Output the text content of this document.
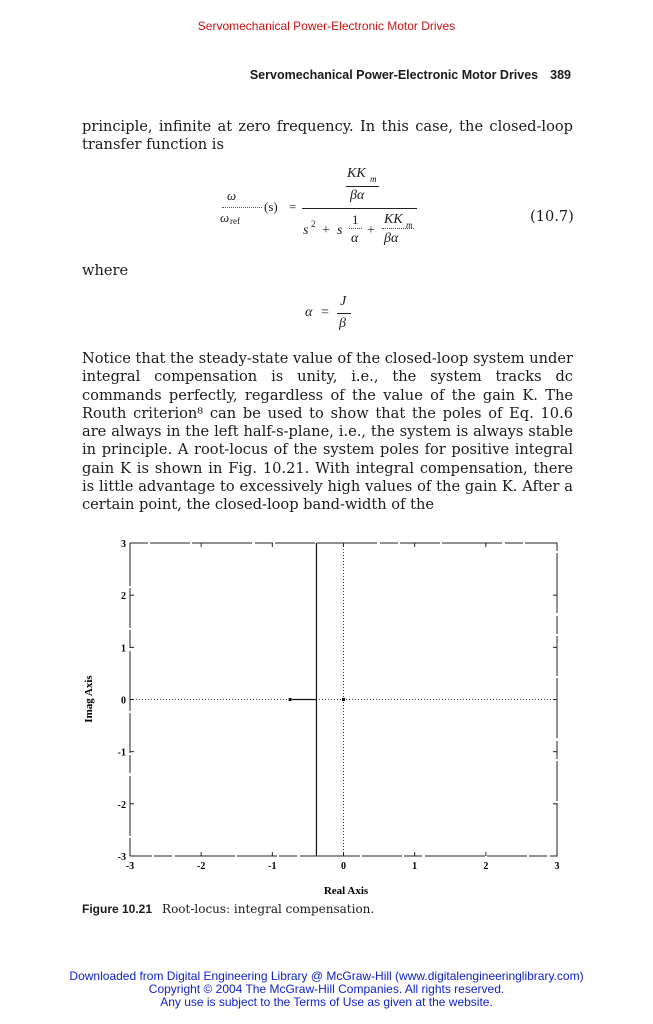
Servomechanical Power-Electronic Motor Drives
Servomechanical Power-Electronic Motor Drives 389

principle, infinite at zero frequency. In this case, the closed-loop transfer function is

ω
ω ref
(s) =
KK m
βα
s 2 + s
1
α
+
KK m
βα
(10.7)

where

α =
J
β

Notice that the steady-state value of the closed-loop system under integral compensation is unity, i.e., the system tracks dc commands perfectly, regardless of the value of the gain K. The Routh criterion⁸ can be used to show that the poles of Eq. 10.6 are always in the left half-s-plane, i.e., the system is always stable in principle. A root-locus of the system poles for positive integral gain K is shown in Fig. 10.21. With integral compensation, there is little advantage to excessively high values of the gain K. After a certain point, the closed-loop band-width of the

-3	-2	-1	0	1	2	3
3
2
1
0
-1
-2
-3
Real Axis
Imag Axis
Figure 10.21 Root-locus: integral compensation.
Downloaded from Digital Engineering Library @ McGraw-Hill (www.digitalengineeringlibrary.com)
Copyright © 2004 The McGraw-Hill Companies. All rights reserved.
Any use is subject to the Terms of Use as given at the website.
